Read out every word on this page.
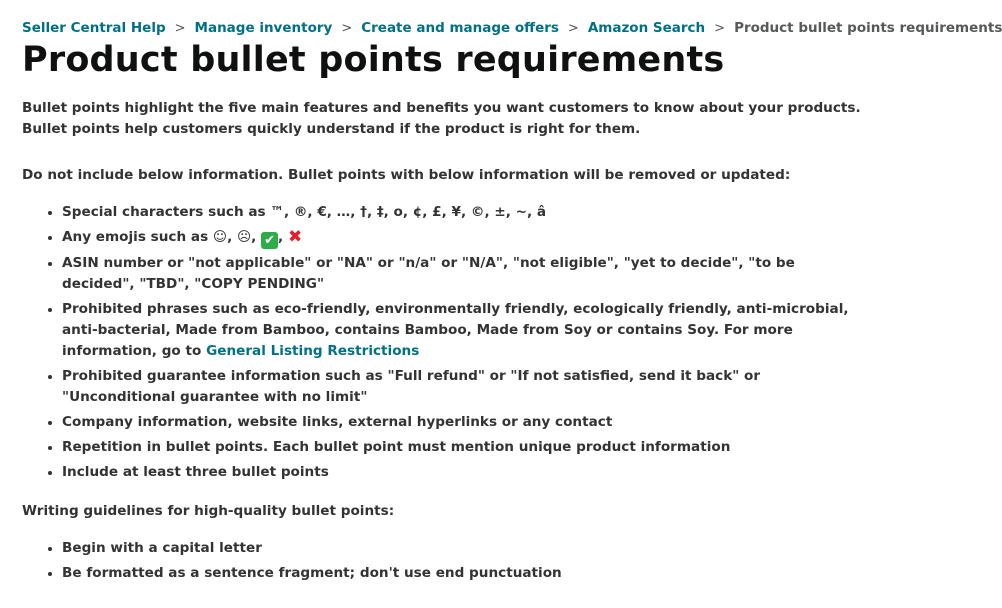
Seller Central Help > Manage inventory > Create and manage offers > Amazon Search > Product bullet points requirements
Product bullet points requirements

Bullet points highlight the five main features and benefits you want customers to know about your products. Bullet points help customers quickly understand if the product is right for them.

Do not include below information. Bullet points with below information will be removed or updated:

• Special characters such as ™, ®, €, …, †, ‡, o, ¢, £, ¥, ©, ±, ~, â
• Any emojis such as ☺, ☹, ✔ , ✖
• ASIN number or "not applicable" or "NA" or "n/a" or "N/A", "not eligible", "yet to decide", "to be decided", "TBD", "COPY PENDING"
• Prohibited phrases such as eco-friendly, environmentally friendly, ecologically friendly, anti-microbial, anti-bacterial, Made from Bamboo, contains Bamboo, Made from Soy or contains Soy. For more information, go to General Listing Restrictions
• Prohibited guarantee information such as "Full refund" or "If not satisfied, send it back" or "Unconditional guarantee with no limit"
• Company information, website links, external hyperlinks or any contact
• Repetition in bullet points. Each bullet point must mention unique product information
• Include at least three bullet points

Writing guidelines for high-quality bullet points:

• Begin with a capital letter
• Be formatted as a sentence fragment; don't use end punctuation
